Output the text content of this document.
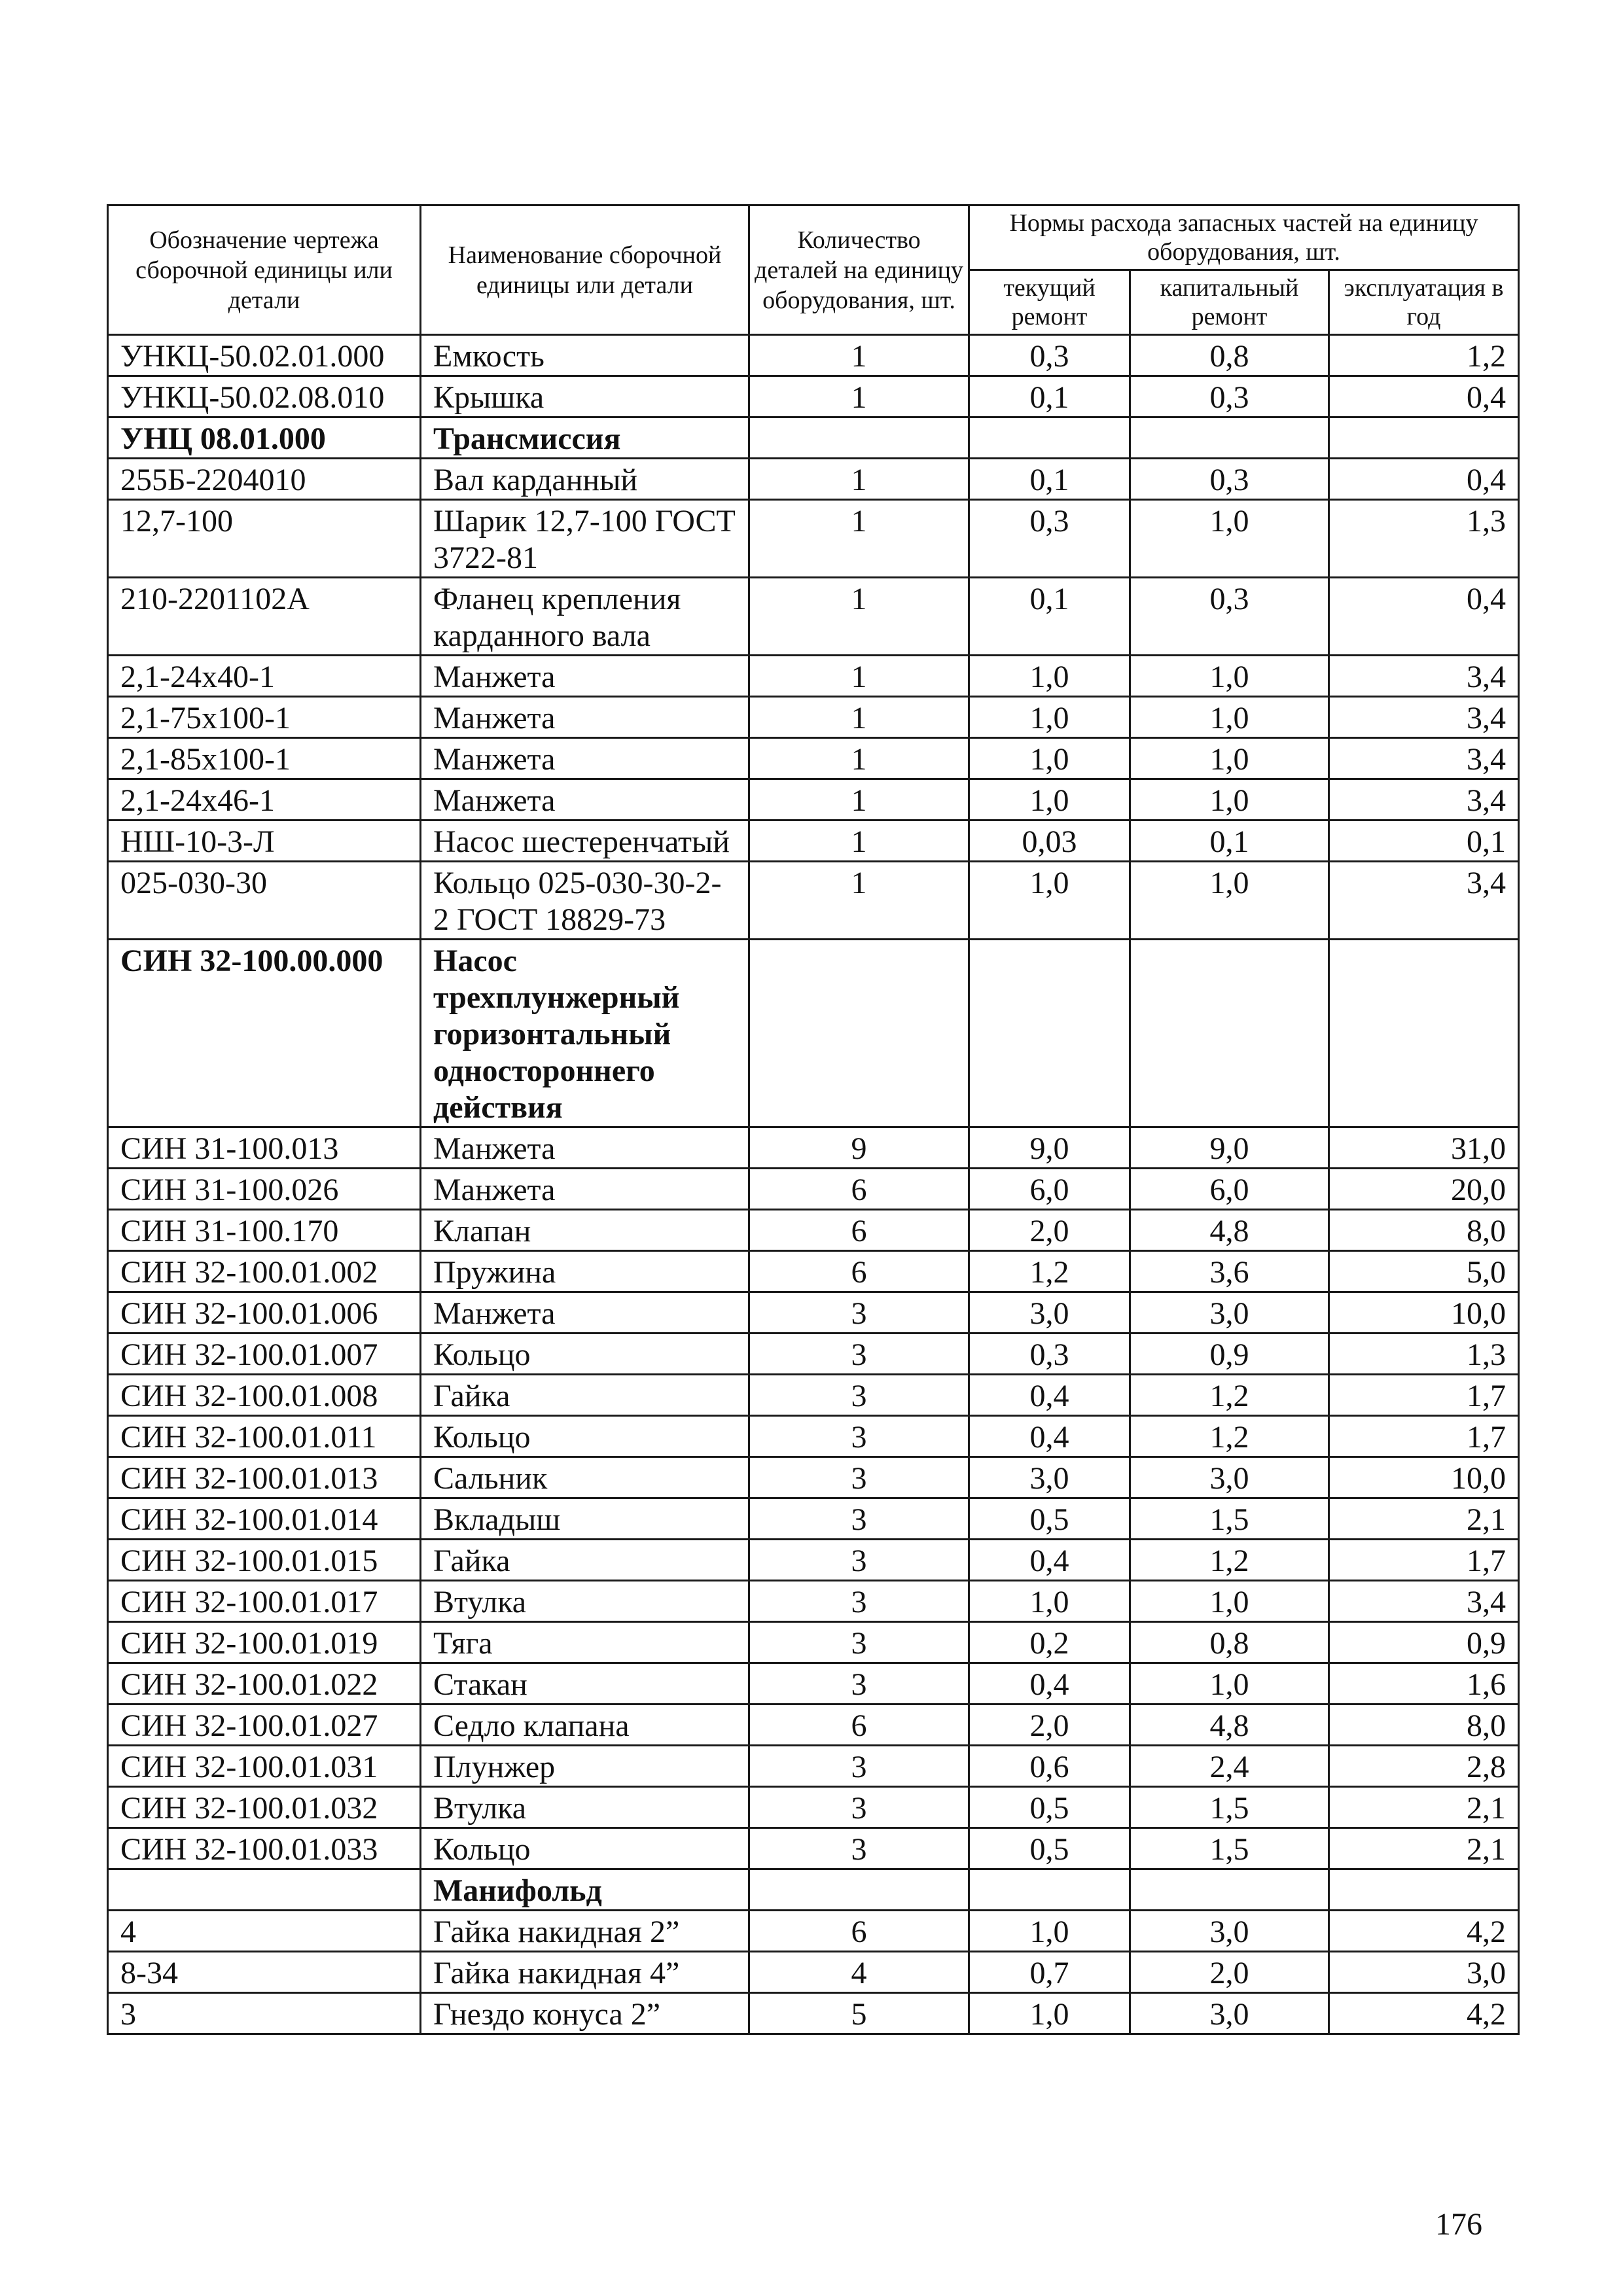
Обозначение чертежа сборочной единицы или детали	Наименование сборочной единицы или детали	Количество деталей на единицу оборудования, шт.	Нормы расхода запасных частей на единицу оборудования, шт.		
			текущий ремонт	капитальный ремонт	эксплуатация в год
УНКЦ-50.02.01.000	Емкость	1	0,3	0,8	1,2
УНКЦ-50.02.08.010	Крышка	1	0,1	0,3	0,4
УНЦ 08.01.000	Трансмиссия				
255Б-2204010	Вал карданный	1	0,1	0,3	0,4
12,7-100	Шарик 12,7-100 ГОСТ 3722-81	1	0,3	1,0	1,3
210-2201102А	Фланец крепления карданного вала	1	0,1	0,3	0,4
2,1-24х40-1	Манжета	1	1,0	1,0	3,4
2,1-75х100-1	Манжета	1	1,0	1,0	3,4
2,1-85х100-1	Манжета	1	1,0	1,0	3,4
2,1-24х46-1	Манжета	1	1,0	1,0	3,4
НШ-10-3-Л	Насос шестеренчатый	1	0,03	0,1	0,1
025-030-30	Кольцо 025-030-30-2-2 ГОСТ 18829-73	1	1,0	1,0	3,4
СИН 32-100.00.000	Насос трехплунжерный горизонтальный одностороннего действия				
СИН 31-100.013	Манжета	9	9,0	9,0	31,0
СИН 31-100.026	Манжета	6	6,0	6,0	20,0
СИН 31-100.170	Клапан	6	2,0	4,8	8,0
СИН 32-100.01.002	Пружина	6	1,2	3,6	5,0
СИН 32-100.01.006	Манжета	3	3,0	3,0	10,0
СИН 32-100.01.007	Кольцо	3	0,3	0,9	1,3
СИН 32-100.01.008	Гайка	3	0,4	1,2	1,7
СИН 32-100.01.011	Кольцо	3	0,4	1,2	1,7
СИН 32-100.01.013	Сальник	3	3,0	3,0	10,0
СИН 32-100.01.014	Вкладыш	3	0,5	1,5	2,1
СИН 32-100.01.015	Гайка	3	0,4	1,2	1,7
СИН 32-100.01.017	Втулка	3	1,0	1,0	3,4
СИН 32-100.01.019	Тяга	3	0,2	0,8	0,9
СИН 32-100.01.022	Стакан	3	0,4	1,0	1,6
СИН 32-100.01.027	Седло клапана	6	2,0	4,8	8,0
СИН 32-100.01.031	Плунжер	3	0,6	2,4	2,8
СИН 32-100.01.032	Втулка	3	0,5	1,5	2,1
СИН 32-100.01.033	Кольцо	3	0,5	1,5	2,1
	Манифольд				
4	Гайка накидная 2”	6	1,0	3,0	4,2
8-34	Гайка накидная 4”	4	0,7	2,0	3,0
3	Гнездо конуса 2”	5	1,0	3,0	4,2
176
